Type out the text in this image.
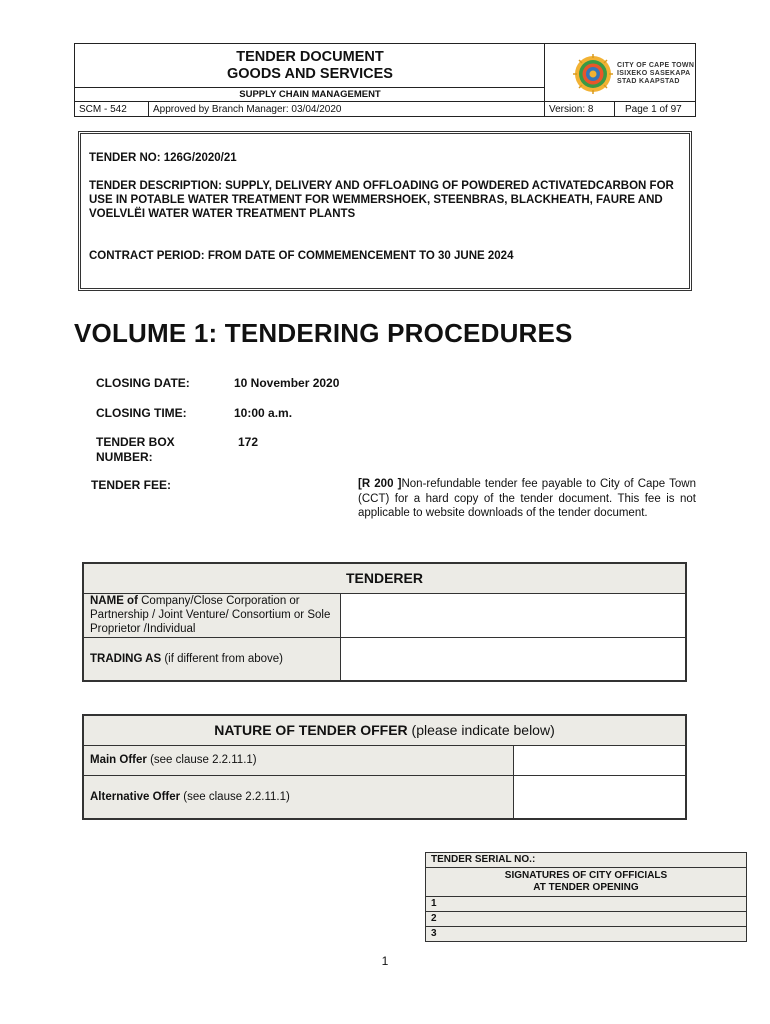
TENDER DOCUMENT
GOODS AND SERVICES
SUPPLY CHAIN MANAGEMENT
CITY OF CAPE TOWN
ISIXEKO SASEKAPA
STAD KAAPSTAD
SCM - 542	Approved by Branch Manager: 03/04/2020	Version: 8	Page 1 of 97
TENDER NO: 126G/2020/21
TENDER DESCRIPTION: SUPPLY, DELIVERY AND OFFLOADING OF POWDERED ACTIVATEDCARBON FOR USE IN POTABLE WATER TREATMENT FOR WEMMERSHOEK, STEENBRAS, BLACKHEATH, FAURE AND VOELVLËI WATER WATER TREATMENT PLANTS
CONTRACT PERIOD: FROM DATE OF COMMEMENCEMENT TO 30 JUNE 2024
VOLUME 1: TENDERING PROCEDURES
CLOSING DATE:	10 November 2020
CLOSING TIME:	10:00 a.m.
TENDER BOX
NUMBER:
172
TENDER FEE:	[R 200 ]Non-refundable tender fee payable to City of Cape Town (CCT) for a hard copy of the tender document. This fee is not applicable to website downloads of the tender document.
TENDERER	
NAME of Company/Close Corporation or Partnership / Joint Venture/ Consortium or Sole Proprietor /Individual	
TRADING AS (if different from above)	
NATURE OF TENDER OFFER (please indicate below)	
Main Offer (see clause 2.2.11.1)	
Alternative Offer (see clause 2.2.11.1)	
TENDER SERIAL NO.:

SIGNATURES OF CITY OFFICIALS
AT TENDER OPENING

1
2
3
1
